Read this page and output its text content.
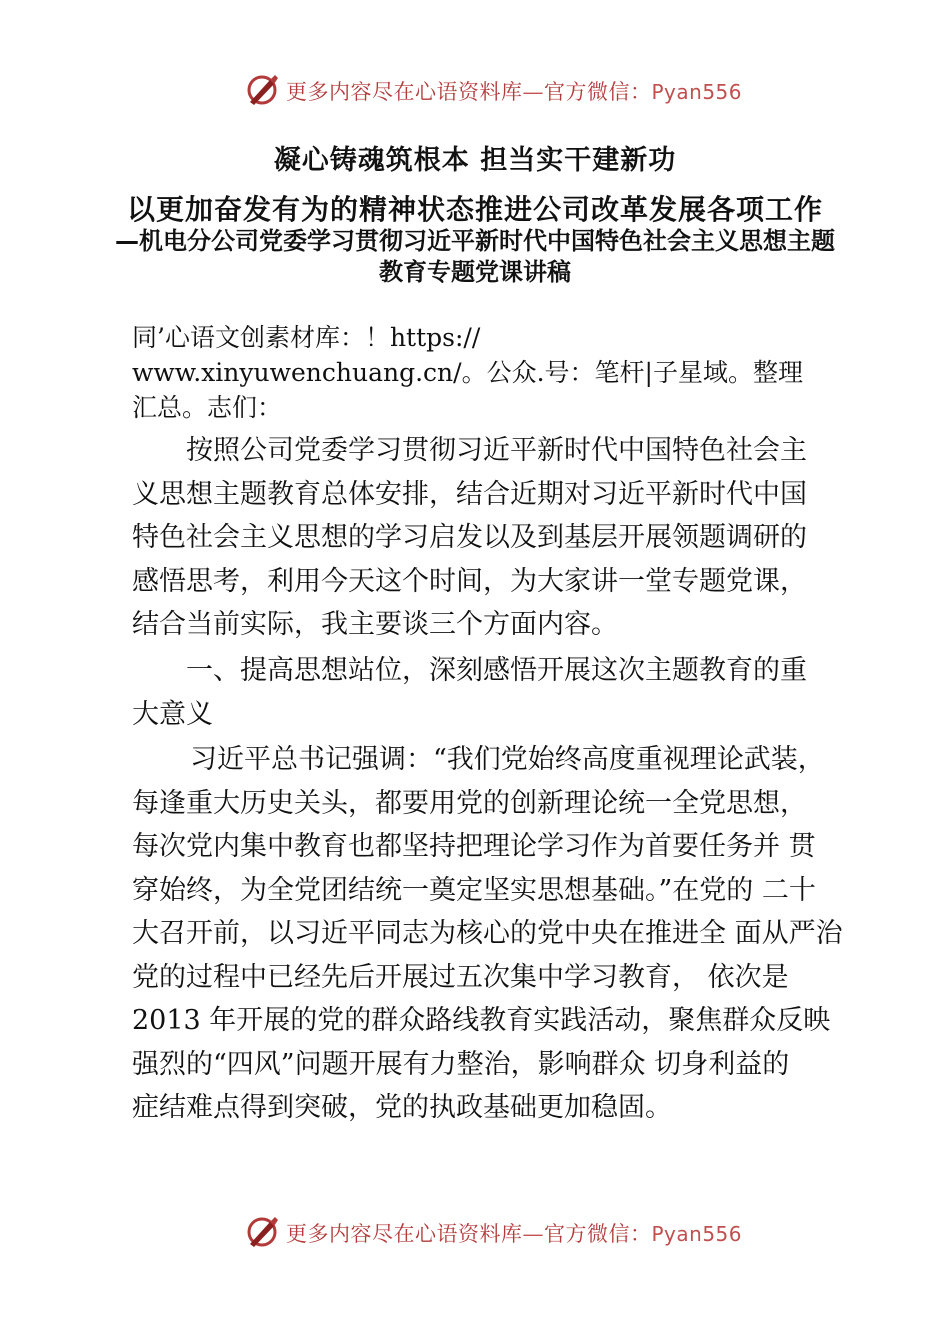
更多内容尽在心语资料库—官方微信：Pyan556
凝心铸魂筑根本 担当实干建新功
以更加奋发有为的精神状态推进公司改革发展各项工作
—机电分公司党委学习贯彻习近平新时代中国特色社会主义思想主题教育专题党课讲稿

同’心语文创素材库：！https://

www.xinyuwenchuang.cn/。公众.号：笔杆|子星域。整理

汇总。志们：

按照公司党委学习贯彻习近平新时代中国特色社会主义思想主题教育总体安排，结合近期对习近平新时代中国特色社会主义思想的学习启发以及到基层开展领题调研的感悟思考，利用今天这个时间，为大家讲一堂专题党课，结合当前实际，我主要谈三个方面内容。

一、提高思想站位，深刻感悟开展这次主题教育的重大意义

习近平总书记强调：“我们党始终高度重视理论武装，

每逢重大历史关头，都要用党的创新理论统一全党思想，

每次党内集中教育也都坚持把理论学习作为首要任务并 贯

穿始终，为全党团结统一奠定坚实思想基础。”在党的 二十

大召开前，以习近平同志为核心的党中央在推进全 面从严治

党的过程中已经先后开展过五次集中学习教育， 依次是

2013 年开展的党的群众路线教育实践活动，聚焦群众反映

强烈的“四风”问题开展有力整治，影响群众 切身利益的

症结难点得到突破，党的执政基础更加稳固。

更多内容尽在心语资料库—官方微信：Pyan556
